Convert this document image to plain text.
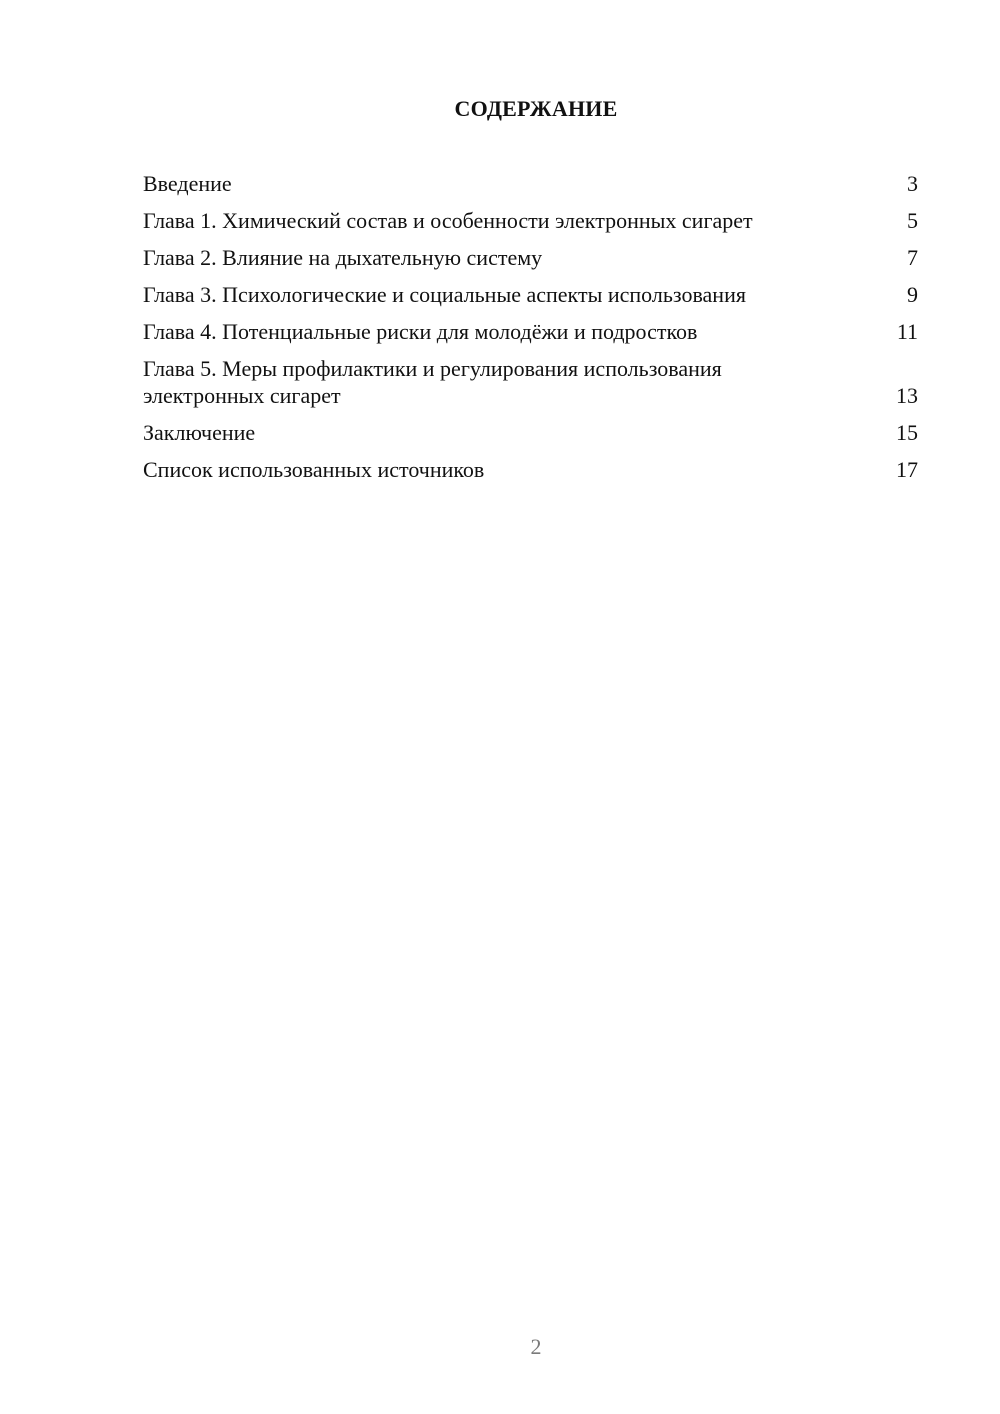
СОДЕРЖАНИЕ
Введение	3
Глава 1. Химический состав и особенности электронных сигарет	5
Глава 2. Влияние на дыхательную систему	7
Глава 3. Психологические и социальные аспекты использования	9
Глава 4. Потенциальные риски для молодёжи и подростков	11
Глава 5. Меры профилактики и регулирования использования электронных сигарет	13
Заключение	15
Список использованных источников	17
2
